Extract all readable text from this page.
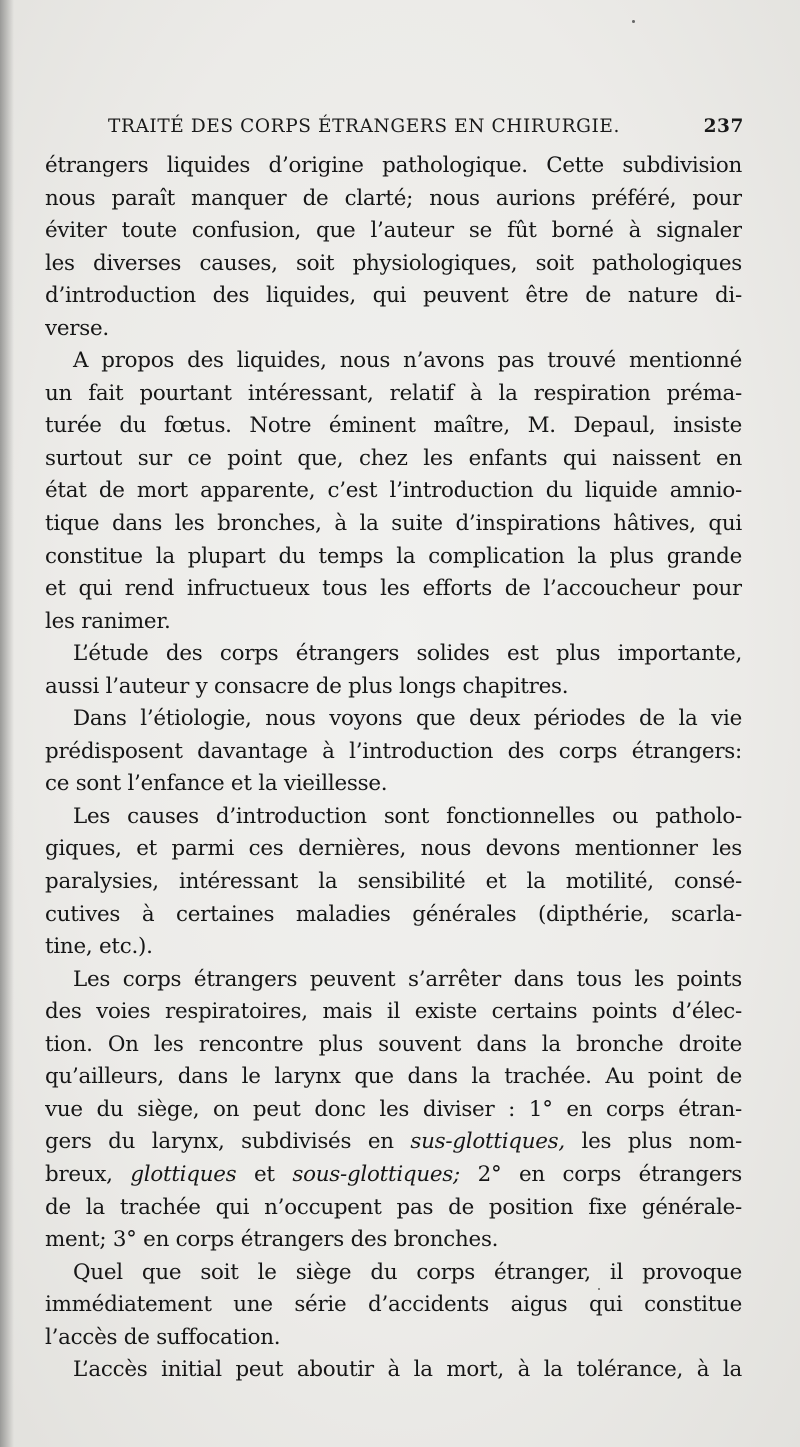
TRAITÉ DES CORPS ÉTRANGERS EN CHIRURGIE.	237
étrangers liquides d’origine pathologique. Cette subdivision
nous paraît manquer de clarté; nous aurions préféré, pour
éviter toute confusion, que l’auteur se fût borné à signaler
les diverses causes, soit physiologiques, soit pathologiques
d’introduction des liquides, qui peuvent être de nature di-
verse.
A propos des liquides, nous n’avons pas trouvé mentionné
un fait pourtant intéressant, relatif à la respiration préma-
turée du fœtus. Notre éminent maître, M. Depaul, insiste
surtout sur ce point que, chez les enfants qui naissent en
état de mort apparente, c’est l’introduction du liquide amnio-
tique dans les bronches, à la suite d’inspirations hâtives, qui
constitue la plupart du temps la complication la plus grande
et qui rend infructueux tous les efforts de l’accoucheur pour
les ranimer.
L’étude des corps étrangers solides est plus importante,
aussi l’auteur y consacre de plus longs chapitres.
Dans l’étiologie, nous voyons que deux périodes de la vie
prédisposent davantage à l’introduction des corps étrangers:
ce sont l’enfance et la vieillesse.
Les causes d’introduction sont fonctionnelles ou patholo-
giques, et parmi ces dernières, nous devons mentionner les
paralysies, intéressant la sensibilité et la motilité, consé-
cutives à certaines maladies générales (dipthérie, scarla-
tine, etc.).
Les corps étrangers peuvent s’arrêter dans tous les points
des voies respiratoires, mais il existe certains points d’élec-
tion. On les rencontre plus souvent dans la bronche droite
qu’ailleurs, dans le larynx que dans la trachée. Au point de
vue du siège, on peut donc les diviser : 1° en corps étran-
gers du larynx, subdivisés en sus-glottiques, les plus nom-
breux, glottiques et sous-glottiques; 2° en corps étrangers
de la trachée qui n’occupent pas de position fixe générale-
ment; 3° en corps étrangers des bronches.
Quel que soit le siège du corps étranger, il provoque
immédiatement une série d’accidents aigus qui constitue
l’accès de suffocation.
L’accès initial peut aboutir à la mort, à la tolérance, à la
